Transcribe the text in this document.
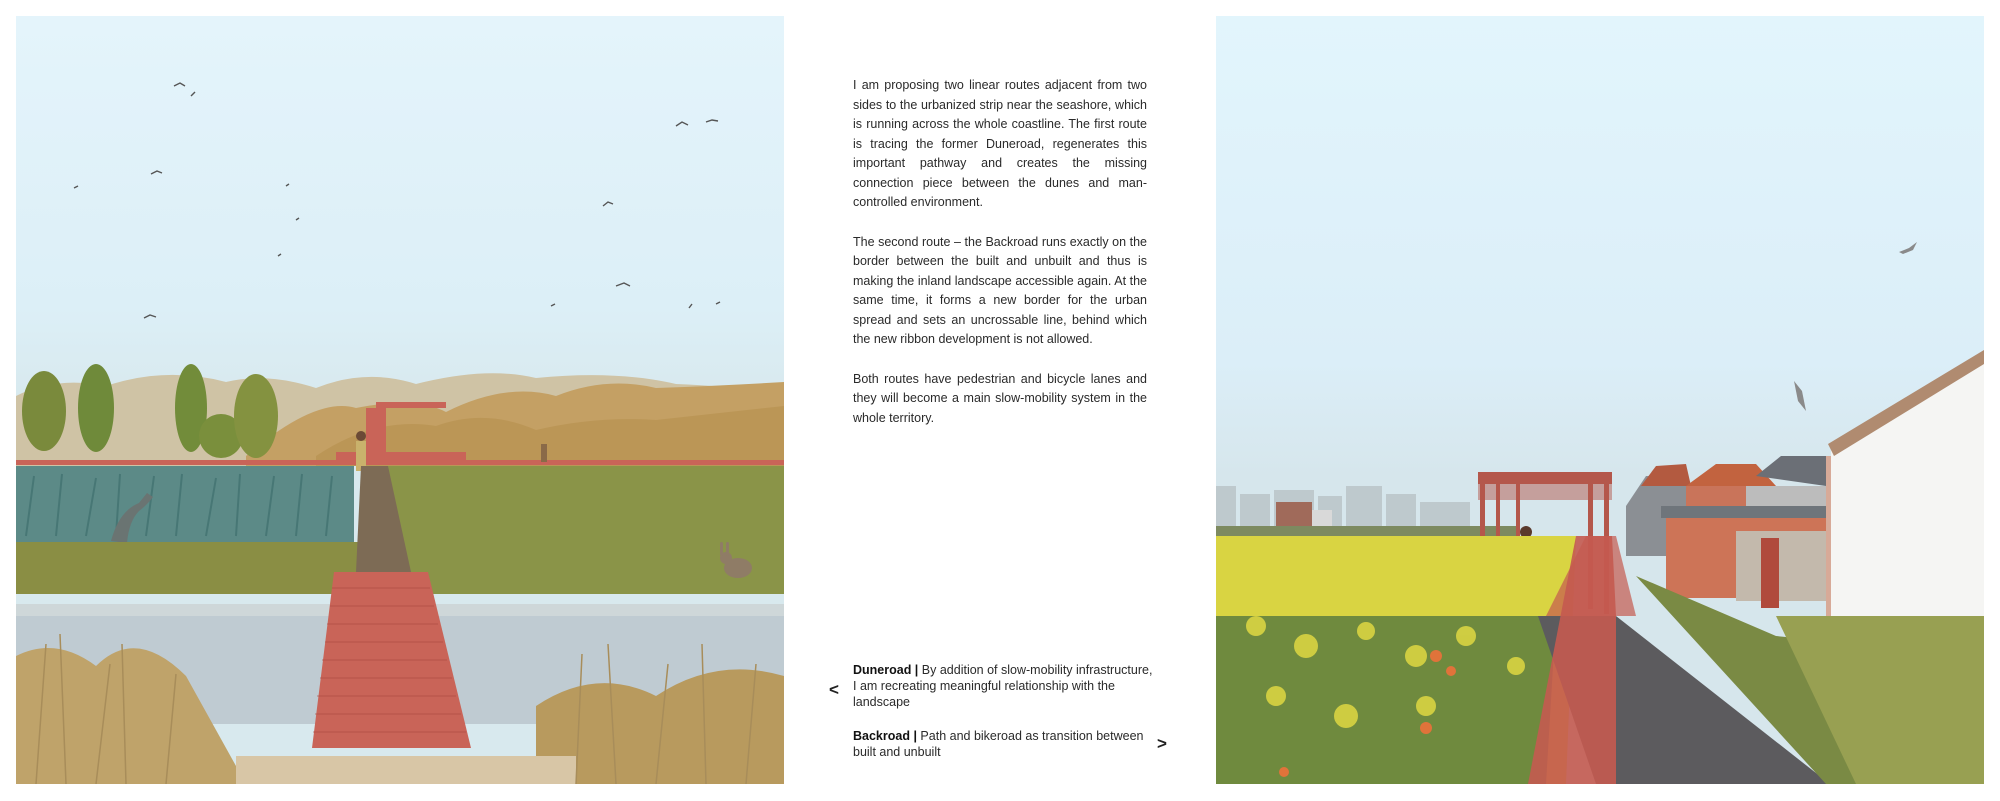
I am proposing two linear routes adjacent from two sides to the urbanized strip near the seashore, which is running across the whole coastline. The first route is tracing the former Duneroad, regenerates this important pathway and creates the missing connection piece between the dunes and man-controlled environment.

The second route – the Backroad runs exactly on the border between the built and unbuilt and thus is making the inland landscape accessible again. At the same time, it forms a new border for the urban spread and sets an uncrossable line, behind which the new ribbon development is not allowed.

Both routes have pedestrian and bicycle lanes and they will become a main slow-mobility system in the whole territory.

<
Duneroad | By addition of slow-mobility infrastructure, I am recreating meaningful relationship with the landscape
Backroad | Path and bikeroad as transition between built and unbuilt	>
